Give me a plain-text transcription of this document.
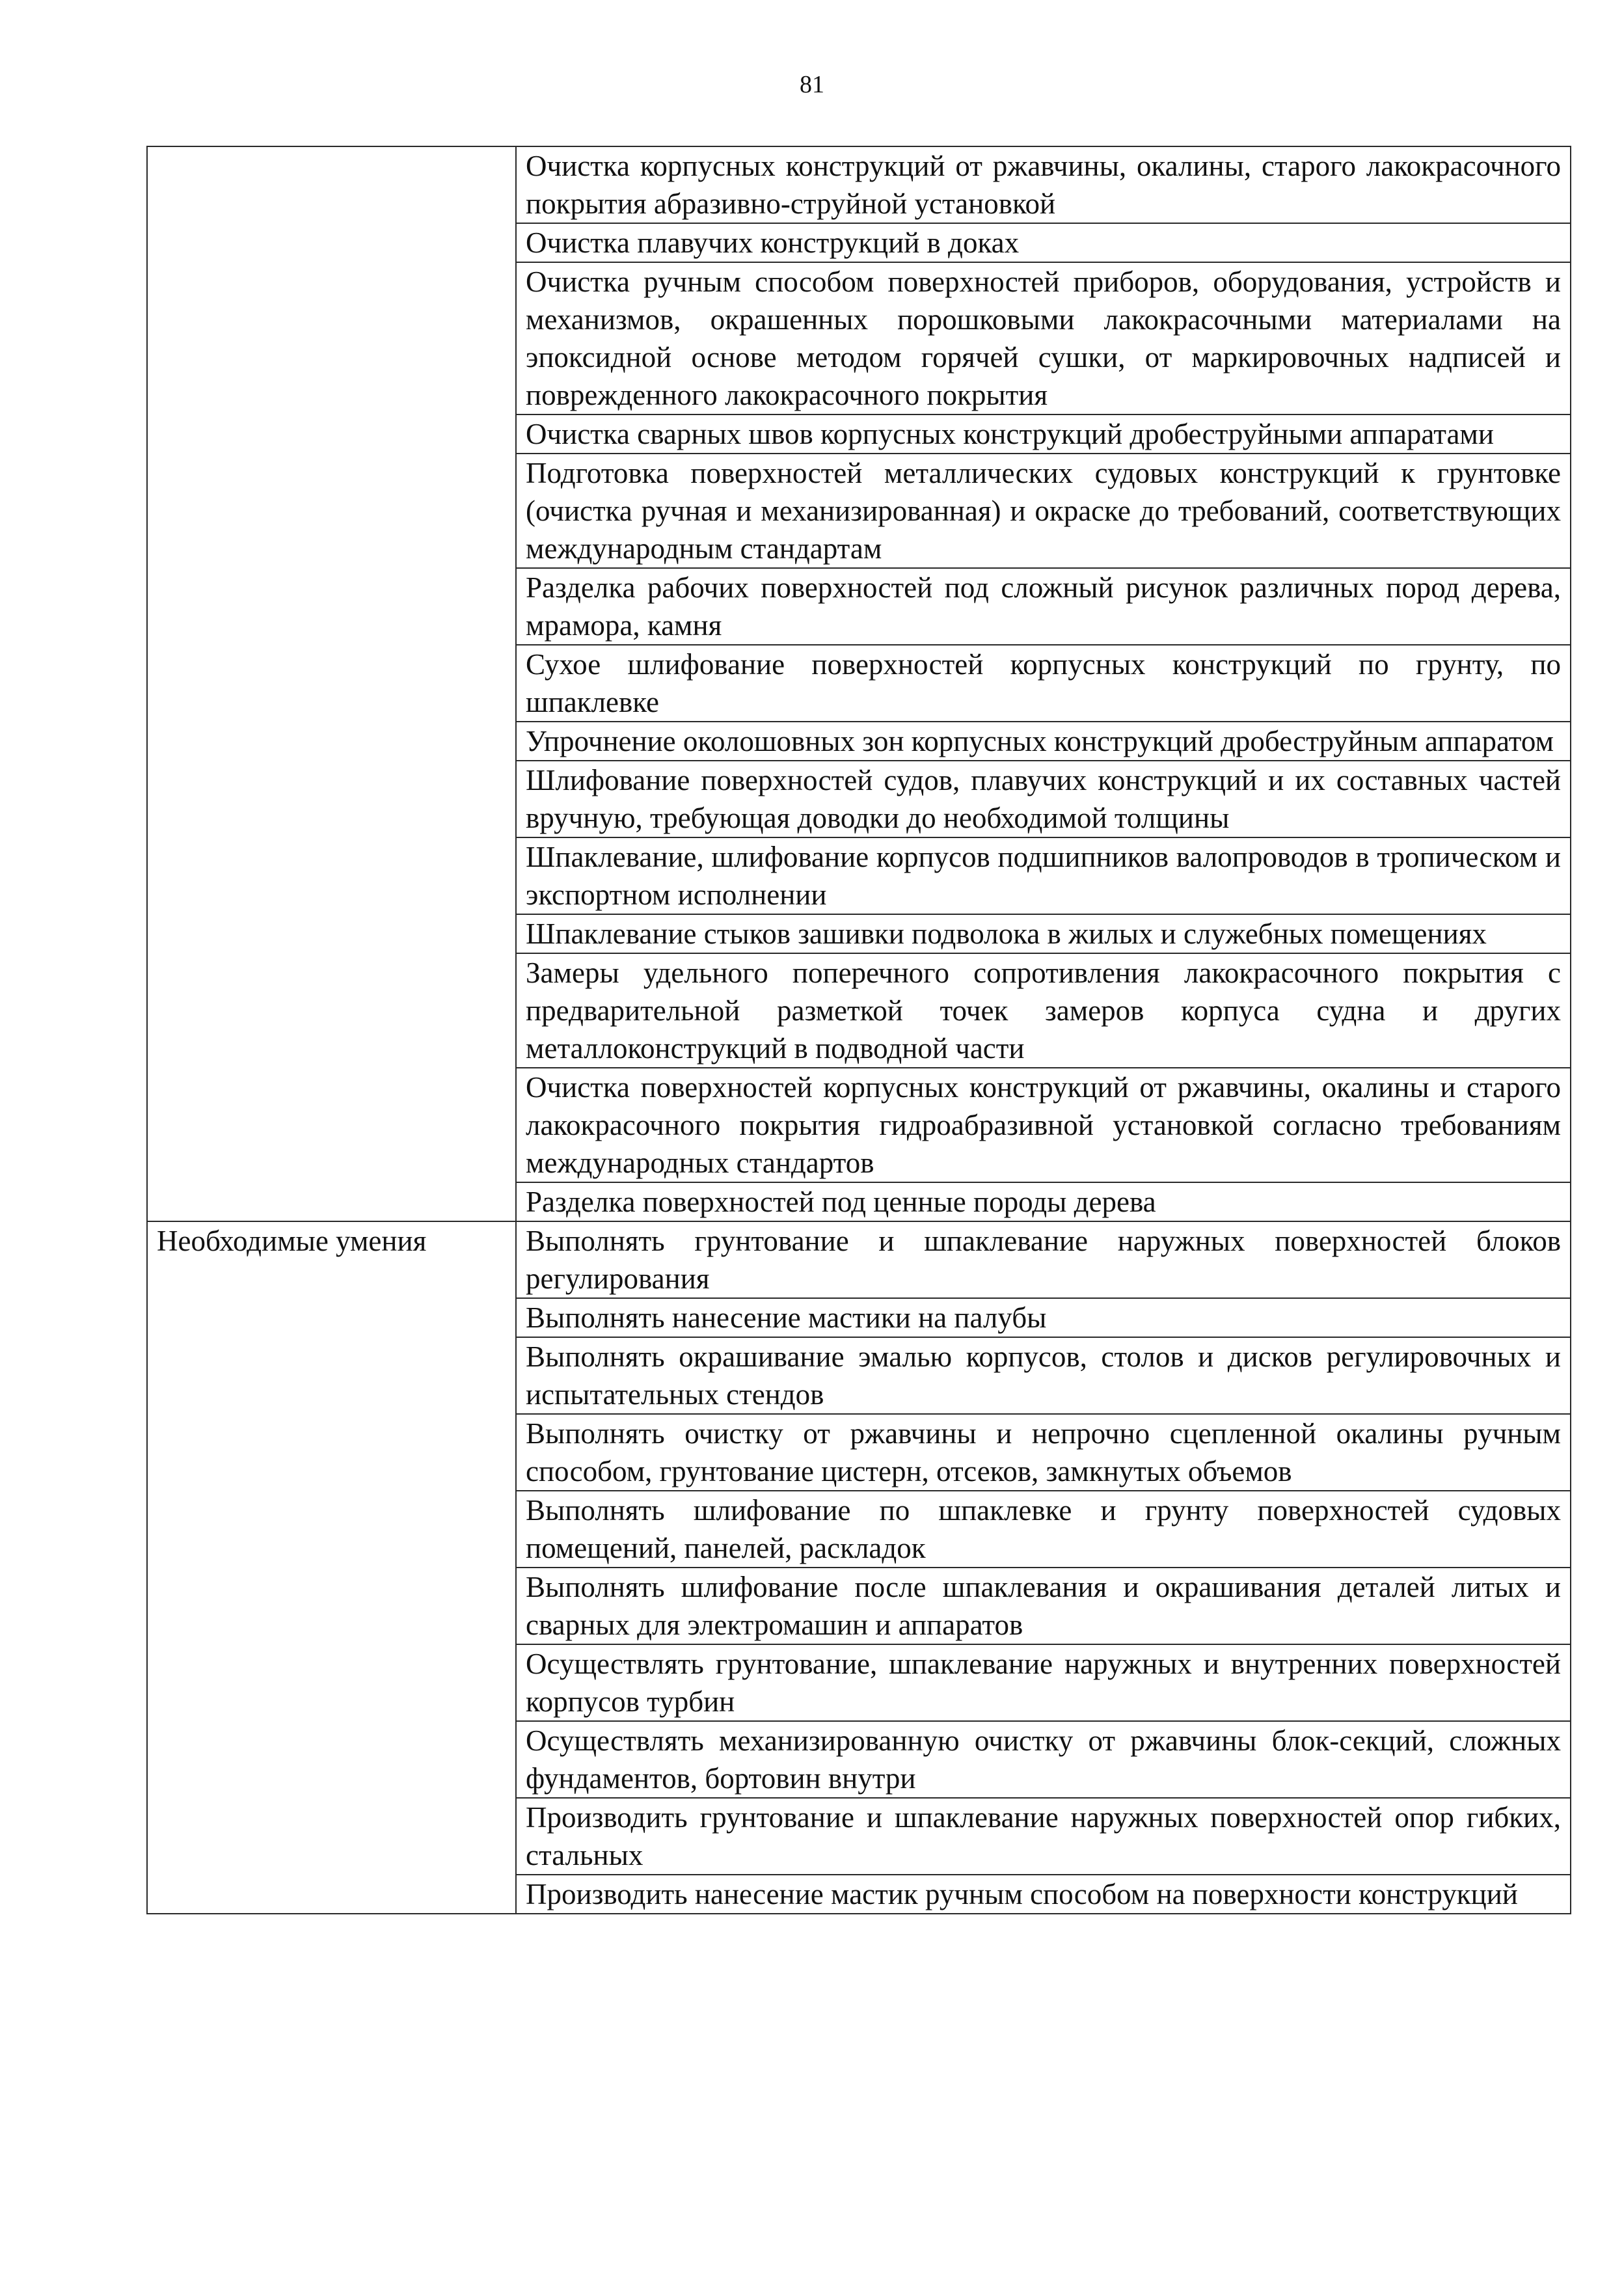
81
	Очистка корпусных конструкций от ржавчины, окалины, старого лакокрасочного покрытия абразивно-струйной установкой
	Очистка плавучих конструкций в доках
	Очистка ручным способом поверхностей приборов, оборудования, устройств и механизмов, окрашенных порошковыми лакокрасочными материалами на эпоксидной основе методом горячей сушки, от маркировочных надписей и поврежденного лакокрасочного покрытия
	Очистка сварных швов корпусных конструкций дробеструйными аппаратами
	Подготовка поверхностей металлических судовых конструкций к грунтовке (очистка ручная и механизированная) и окраске до требований, соответствующих международным стандартам
	Разделка рабочих поверхностей под сложный рисунок различных пород дерева, мрамора, камня
	Сухое шлифование поверхностей корпусных конструкций по грунту, по шпаклевке
	Упрочнение околошовных зон корпусных конструкций дробеструйным аппаратом
	Шлифование поверхностей судов, плавучих конструкций и их составных частей вручную, требующая доводки до необходимой толщины
	Шпаклевание, шлифование корпусов подшипников валопроводов в тропическом и экспортном исполнении
	Шпаклевание стыков зашивки подволока в жилых и служебных помещениях
	Замеры удельного поперечного сопротивления лакокрасочного покрытия с предварительной разметкой точек замеров корпуса судна и других металлоконструкций в подводной части
	Очистка поверхностей корпусных конструкций от ржавчины, окалины и старого лакокрасочного покрытия гидроабразивной установкой согласно требованиям международных стандартов
	Разделка поверхностей под ценные породы дерева
Необходимые умения	Выполнять грунтование и шпаклевание наружных поверхностей блоков регулирования
	Выполнять нанесение мастики на палубы
	Выполнять окрашивание эмалью корпусов, столов и дисков регулировочных и испытательных стендов
	Выполнять очистку от ржавчины и непрочно сцепленной окалины ручным способом, грунтование цистерн, отсеков, замкнутых объемов
	Выполнять шлифование по шпаклевке и грунту поверхностей судовых помещений, панелей, раскладок
	Выполнять шлифование после шпаклевания и окрашивания деталей литых и сварных для электромашин и аппаратов
	Осуществлять грунтование, шпаклевание наружных и внутренних поверхностей корпусов турбин
	Осуществлять механизированную очистку от ржавчины блок-секций, сложных фундаментов, бортовин внутри
	Производить грунтование и шпаклевание наружных поверхностей опор гибких, стальных
	Производить нанесение мастик ручным способом на поверхности конструкций
